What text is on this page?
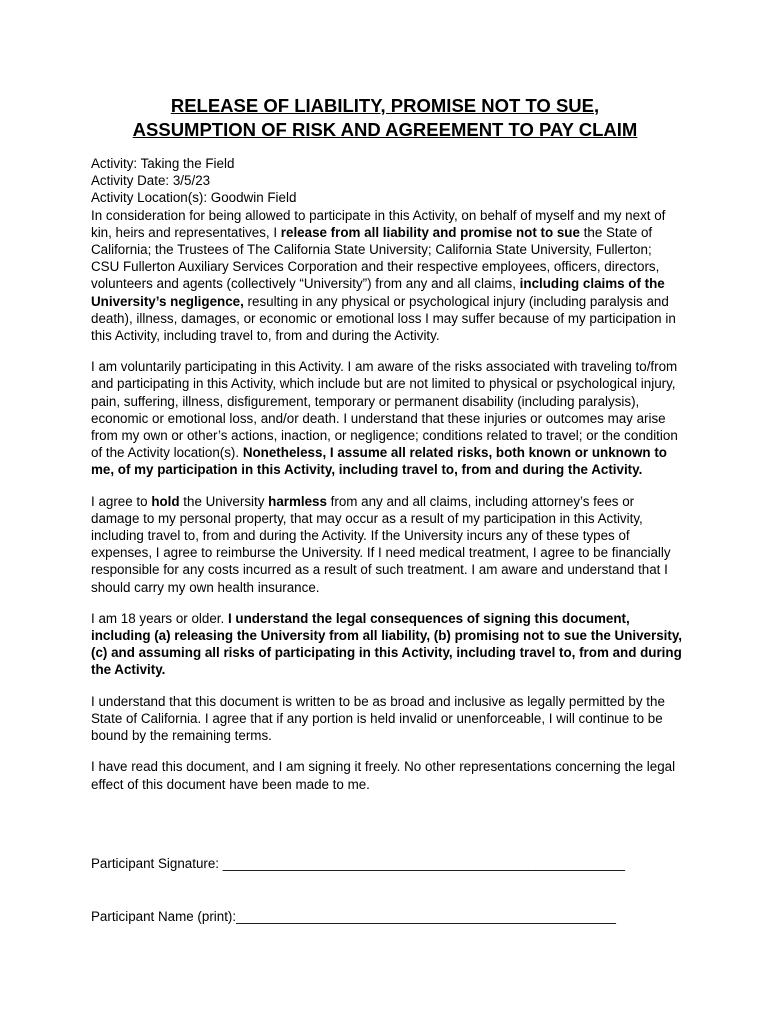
RELEASE OF LIABILITY, PROMISE NOT TO SUE,
ASSUMPTION OF RISK AND AGREEMENT TO PAY CLAIM

Activity: Taking the Field

Activity Date: 3/5/23

Activity Location(s): Goodwin Field

In consideration for being allowed to participate in this Activity, on behalf of myself and my next of kin, heirs and representatives, I release from all liability and promise not to sue the State of California; the Trustees of The California State University; California State University, Fullerton; CSU Fullerton Auxiliary Services Corporation and their respective employees, officers, directors, volunteers and agents (collectively “University”) from any and all claims, including claims of the University’s negligence, resulting in any physical or psychological injury (including paralysis and death), illness, damages, or economic or emotional loss I may suffer because of my participation in this Activity, including travel to, from and during the Activity.

I am voluntarily participating in this Activity. I am aware of the risks associated with traveling to/from and participating in this Activity, which include but are not limited to physical or psychological injury, pain, suffering, illness, disfigurement, temporary or permanent disability (including paralysis), economic or emotional loss, and/or death. I understand that these injuries or outcomes may arise from my own or other’s actions, inaction, or negligence; conditions related to travel; or the condition of the Activity location(s). Nonetheless, I assume all related risks, both known or unknown to me, of my participation in this Activity, including travel to, from and during the Activity.

I agree to hold the University harmless from any and all claims, including attorney’s fees or damage to my personal property, that may occur as a result of my participation in this Activity, including travel to, from and during the Activity. If the University incurs any of these types of expenses, I agree to reimburse the University. If I need medical treatment, I agree to be financially responsible for any costs incurred as a result of such treatment. I am aware and understand that I should carry my own health insurance.

I am 18 years or older. I understand the legal consequences of signing this document, including (a) releasing the University from all liability, (b) promising not to sue the University, (c) and assuming all risks of participating in this Activity, including travel to, from and during the Activity.

I understand that this document is written to be as broad and inclusive as legally permitted by the State of California. I agree that if any portion is held invalid or unenforceable, I will continue to be bound by the remaining terms.

I have read this document, and I am signing it freely. No other representations concerning the legal effect of this document have been made to me.

Participant Signature: ______________________________________________________
Participant Name (print):___________________________________________________
